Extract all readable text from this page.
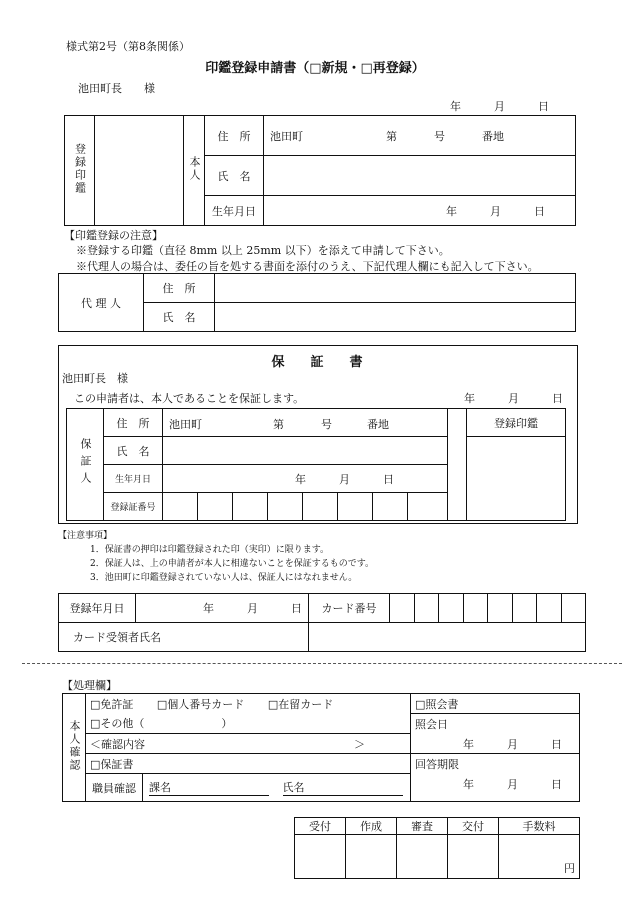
様式第2号（第8条関係）
印鑑登録申請書（□新規・□再登録）
池田町長　　様
年　　　月　　　日
登録印鑑		本人	住　所	池田町 第 号 番地

			氏　名	
			生年月日	年　　　月　　　日
【印鑑登録の注意】
※登録する印鑑（直径 8mm 以上 25mm 以下）を添えて申請して下さい。
※代理人の場合は、委任の旨を処する書面を添付のうえ、下記代理人欄にも記入して下さい。
代 理 人	住　所	
	氏　名	
保　　証　　書
池田町長　様
この申請者は、本人であることを保証します。	年　　　月　　　日
保証人	住　所	池田町 第 号 番地									登録印鑑
	氏　名										
	生年月日	年　　　月　　　日									
	登録証番号										
【注意事項】
1．保証書の押印は印鑑登録された印（実印）に限ります。
2．保証人は、上の申請者が本人に相違ないことを保証するものです。
3．池田町に印鑑登録されていない人は、保証人にはなれません。
登録年月日	年　　　月　　　日	カード番号								
カード受領者氏名										
【処理欄】
本人確認	□免許証 □個人番号カード □在留カード		□照会書
	□その他（　　　　　　　）		照会日
年　　　月　　　日

	＜確認内容　　　　　　　　　　　　　　　　　　　＞		
	□保証書		回答期限
年　　　月　　　日

	職員確認	課名 氏名	
受付	作成	審査	交付	手数料
				円
